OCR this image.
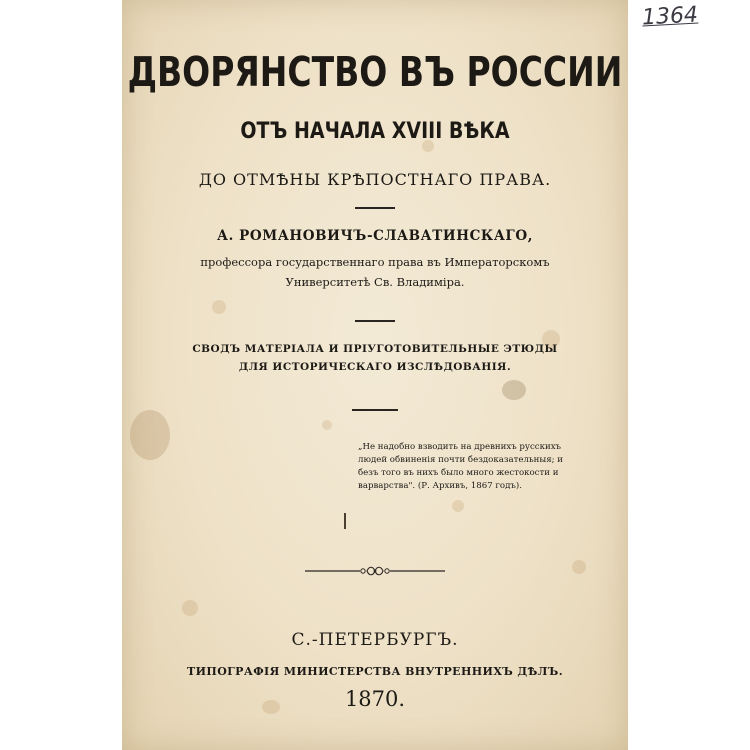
1364
ДВОРЯНСТВО ВЪ РОССИИ
ОТЪ НАЧАЛА XVIII ВѢКА
ДО ОТМѢНЫ КРѢПОСТНАГО ПРАВА.
А. РОМАНОВИЧЪ-СЛАВАТИНСКАГО,
профессора государственнаго права въ Императорскомъ
Университетѣ Св. Владиміра.
СВОДЪ МАТЕРІАЛА И ПРІУГОТОВИТЕЛЬНЫЕ ЭТЮДЫ
ДЛЯ ИСТОРИЧЕСКАГО ИЗСЛѢДОВАНІЯ.
„Не надобно взводить на древнихъ русскихъ
людей обвиненія почти бездоказательныя; и
безъ того въ нихъ было много жестокости и
варварства". (Р. Архивъ, 1867 годъ).
С.-ПЕТЕРБУРГЪ.
ТИПОГРАФІЯ МИНИСТЕРСТВА ВНУТРЕННИХЪ ДѢЛЪ.
1870.
